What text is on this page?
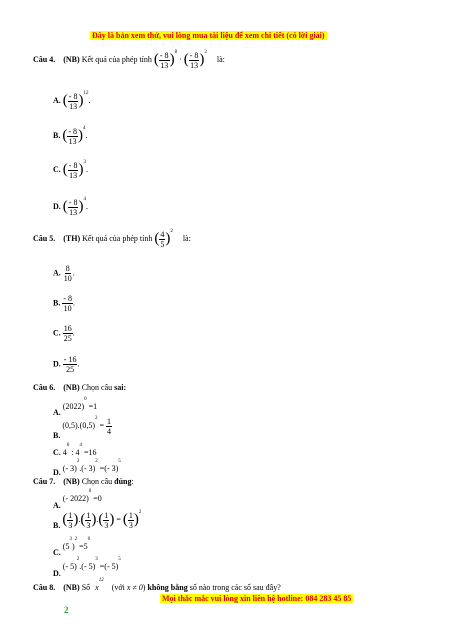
Đây là bản xem thử, vui lòng mua tài liệu để xem chi tiết (có lời giải)
Câu 4. (NB) Kết quả của phép tính ( $\frac{- 8}{13} )^8$ · ( $\frac{- 8}{13} )^2$ là:
A. ( $\frac{- 8}{13} )^{12}$.
B. ( $\frac{- 8}{13} )^4$.
C. ( $\frac{- 8}{13} )^3$.
D. ( $\frac{- 8}{13} )^4$.
Câu 5. (TH) Kết quả của phép tính ( $\frac{4}{5} )^2$ là:
A. $\frac{8}{10}$ .
B. $\frac{- 8}{10}$ .
C. $\frac{16}{25}$ .
D. $\frac{- 16}{25}$ .
Câu 6. (NB) Chọn câu sai:
A. $(2022)^0 =1$
B. $(0,5).(0,5)^2 = \frac{1}{4}$
C. $4^6$ : $4^4 =16$
D. (- 3)$^3$.(- 3)$^2$ =(- 3)$^5$
Câu 7. (NB) Chọn câu đúng:
A. (- 2022)$^0$ =0
B. ( $\frac{1}{3}$ ).( $\frac{1}{3}$ ).( $\frac{1}{3}$ ) = ( $\frac{1}{3} )^2$
C. $(5^3)^2 =5^6$
D. (- 5)$^2$.(- 5)$^3$ =(- 5)$^5$
Câu 8. (NB) Số $x^{12}$ (với x ≠ 0) không bằng số nào trong các số sau đây?
Mọi thắc mắc vui lòng xin liên hệ hotline: 084 283 45 85
2
